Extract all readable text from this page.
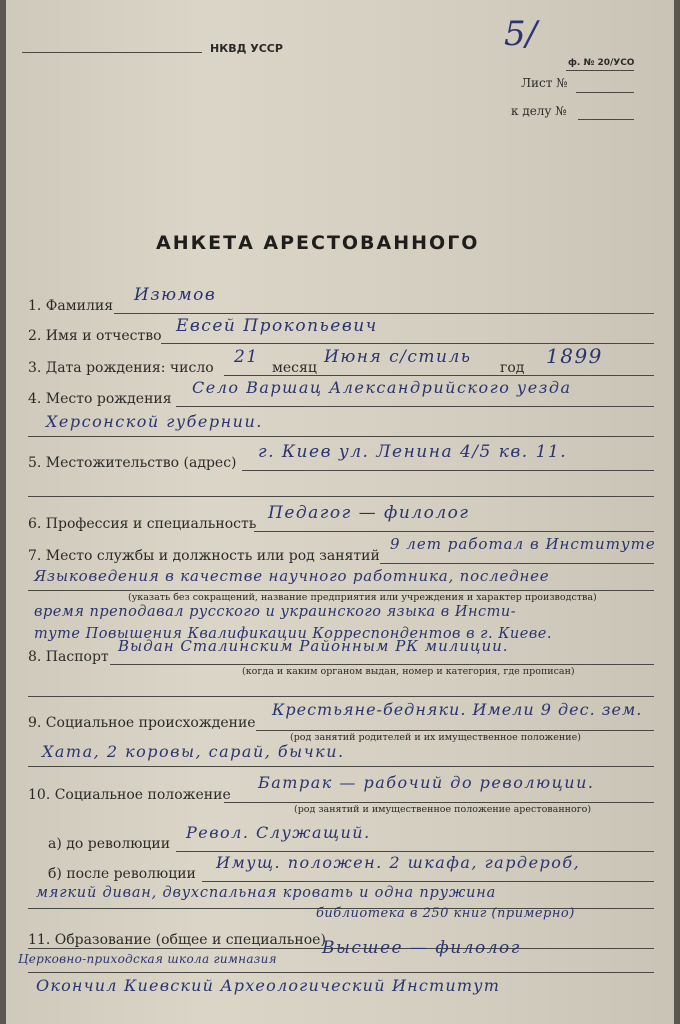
НКВД УССР	5/
ф. № 20/УСО
Лист №
к делу №
АНКЕТА АРЕСТОВАННОГО
1. Фамилия
Изюмов
2. Имя и отчество Евсей Прокопьевич
3. Дата рождения: число
21
месяц
Июня с/стиль
год 1899
4. Место рождения
Село Варшац Александрийского уезда
Херсонской губернии.
5. Местожительство (адрес)
г. Киев ул. Ленина 4/5 кв. 11.
6. Профессия и специальность
Педагог — филолог
7. Место службы и должность или род занятий
9 лет работал в Институте
Языковедения в качестве научного работника, последнее
(указать без сокращений, название предприятия или учреждения и характер производства)
время преподавал русского и украинского языка в Инсти-
туте Повышения Квалификации Корреспондентов в г. Киеве.
8. Паспорт
Выдан Сталинским Районным РК милиции.
(когда и каким органом выдан, номер и категория, где прописан)
9. Социальное происхождение
Крестьяне-бедняки. Имели 9 дес. зем.
(род занятий родителей и их имущественное положение)
Хата, 2 коровы, сарай, бычки.
10. Социальное положение
Батрак — рабочий до революции.
(род занятий и имущественное положение арестованного)
а) до революции
Револ. Служащий.
б) после революции
Имущ. положен. 2 шкафа, гардероб,
мягкий диван, двухспальная кровать и одна пружина
библиотека в 250 книг (примерно)
11. Образование (общее и специальное)
Высшее — филолог
Церковно-приходская школа гимназия
Окончил Киевский Археологический Институт
